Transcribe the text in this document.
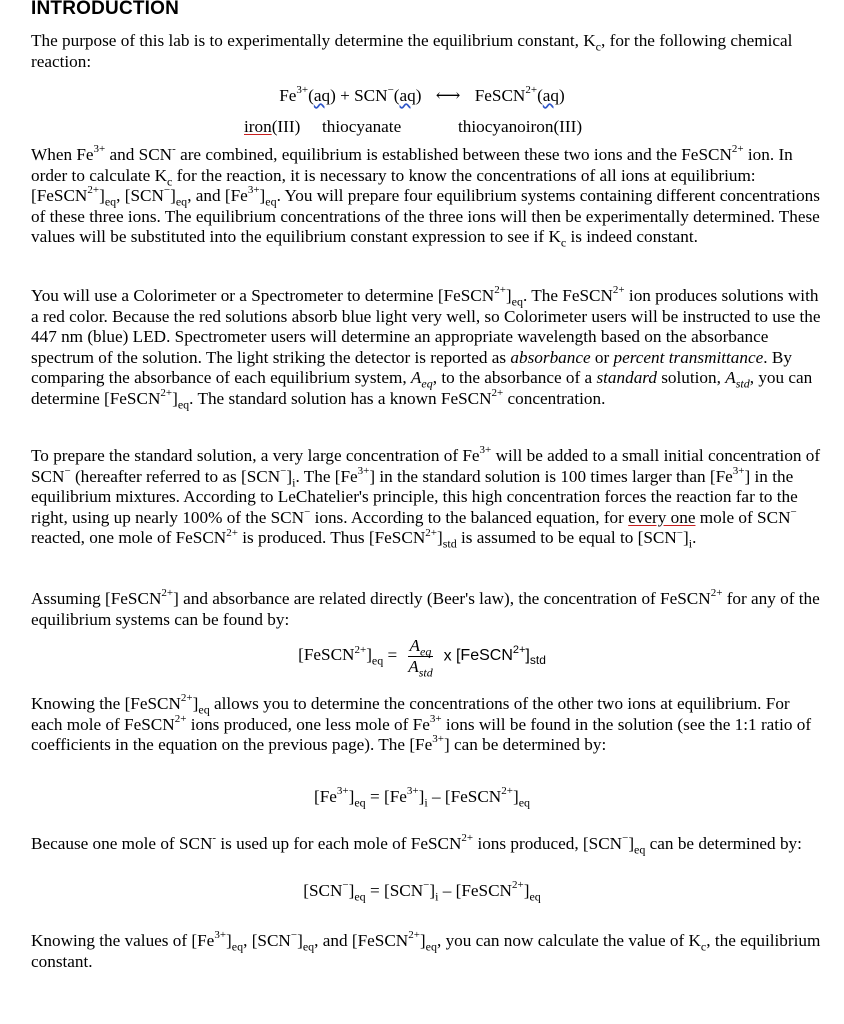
INTRODUCTION
The purpose of this lab is to experimentally determine the equilibrium constant, $K_c$, for the following chemical reaction:
$Fe^{3+}(aq) + SCN^-(aq)$ ⟷ FeSCN$^{2+}$(aq)
iron(III) thiocyanate	thiocyanoiron(III)
When $Fe^{3+}$ and SCN- are combined, equilibrium is established between these two ions and the FeSCN$^{2+}$ ion. In order to calculate $K_c$ for the reaction, it is necessary to know the concentrations of all ions at equilibrium: $[FeSCN^{2+}]_{eq}$, $[SCN^-]_{eq}$, and $[Fe^{3+}]_{eq}$. You will prepare four equilibrium systems containing different concentrations of these three ions. The equilibrium concentrations of the three ions will then be experimentally determined. These values will be substituted into the equilibrium constant expression to see if $K_c$ is indeed constant.
You will use a Colorimeter or a Spectrometer to determine $[FeSCN^{2+}]_{eq}$. The FeSCN$^{2+}$ ion produces solutions with a red color. Because the red solutions absorb blue light very well, so Colorimeter users will be instructed to use the 447 nm (blue) LED. Spectrometer users will determine an appropriate wavelength based on the absorbance spectrum of the solution. The light striking the detector is reported as absorbance or percent transmittance. By comparing the absorbance of each equilibrium system, $A_{eq}$, to the absorbance of a standard solution, $A_{std}$, you can determine $[FeSCN^{2+}]_{eq}$. The standard solution has a known FeSCN$^{2+}$ concentration.
To prepare the standard solution, a very large concentration of $Fe^{3+}$ will be added to a small initial concentration of SCN− (hereafter referred to as $[SCN^-]_i$. The $[Fe^{3+}]$ in the standard solution is 100 times larger than $[Fe^{3+}]$ in the equilibrium mixtures. According to LeChatelier's principle, this high concentration forces the reaction far to the right, using up nearly 100% of the SCN− ions. According to the balanced equation, for every one mole of SCN− reacted, one mole of FeSCN$^{2+}$ is produced. Thus $[FeSCN^{2+}]_{std}$ is assumed to be equal to $[SCN^-]_i$.
Assuming [FeSCN$^{2+}$] and absorbance are related directly (Beer's law), the concentration of FeSCN$^{2+}$ for any of the equilibrium systems can be found by:
$[FeSCN^{2+}]_{eq} = \frac{A_{eq}}{A_{std}}$ x $[FeSCN^{2+}]_{std}$
Knowing the $[FeSCN^{2+}]_{eq}$ allows you to determine the concentrations of the other two ions at equilibrium. For each mole of FeSCN$^{2+}$ ions produced, one less mole of $Fe^{3+}$ ions will be found in the solution (see the 1:1 ratio of coefficients in the equation on the previous page). The $[Fe^{3+}]$ can be determined by:
$[Fe^{3+}]_{eq} = [Fe^{3+}]_i$ – $[FeSCN^{2+}]_{eq}$
Because one mole of SCN- is used up for each mole of FeSCN$^{2+}$ ions produced, $[SCN^-]_{eq}$ can be determined by:
$[SCN^-]_{eq} = [SCN^-]_i$ – $[FeSCN^{2+}]_{eq}$
Knowing the values of $[Fe^{3+}]_{eq}$, $[SCN^-]_{eq}$, and $[FeSCN^{2+}]_{eq}$, you can now calculate the value of $K_c$, the equilibrium constant.
